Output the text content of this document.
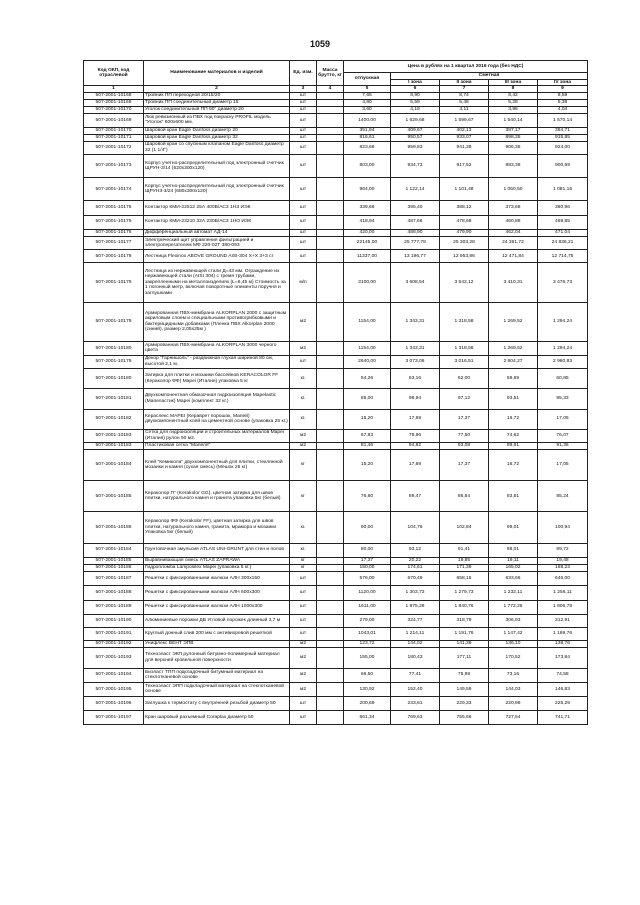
1059
Код ОКП, код отраслевой	Наименование материалов и изделий	Ед. изм.	Масса брутто, кг	Цена в рублях на 1 квартал 2016 года (без НДС)				
				отпускная	Сметная			
					I зона	II зона	III зона	IV зона
1	2	3	4	5	6	7	8	9
507-2001-10168	Тройник ПП переходной 20/15/20	шт		7,65	8,90	8,74	8,42	8,59
507-2001-10169	Тройник ПП соединительный диаметр 15	шт		4,80	5,59	5,48	5,28	5,38
507-2001-10170	Уголок соединительный ПП 90° диаметр 20	шт		3,60	4,19	4,11	3,96	4,04
507-2001-10169	Люк ревизионный из ПВХ под покраску PROFIL модель "Уголок" 600х600 мм.	шт		1400,00	1 629,68	1 599,67	1 540,14	1 570,14
507-2001-10170	Шаровой кран Eagle Danfoss диаметр 20	шт		351,94	409,67	402,13	387,17	394,71
507-2001-10171	Шаровой кран Eagle Danfoss диаметр 32	шт		816,61	950,57	933,07	898,35	915,85
507-2001-10172	Шаровой кран со спускным клапаном Eagle Danfoss диаметр 32 (1 1/4")	шт		823,68	959,83	941,38	906,35	924,00
507-2001-10173	Корпус учетно-распределительный под электронный счетчик ЩРУН-3/14 (520х300х120)	шт		803,00	934,73	917,52	883,38	900,59
507-2001-10174	Корпус учетно-распределительный под электронный счетчик ЩРУН3-3/24 (680х300х120)	шт		964,00	1 122,14	1 101,48	1 060,50	1 081,15
507-2001-10175	Контактор КМИ-22512 25А 400В/АС3 1НЗ ИЭК	шт		339,66	395,40	388,12	373,68	380,96
507-2001-10175	Контактор КМИ-23210 32А 230В/АС3 1НО ИЭК	шт		418,94	487,66	478,68	460,88	469,85
507-2001-10176	Дифференциальный автомат АД-14	шт		420,00	488,90	479,90	462,04	471,04
507-2001-10177	Электрический щит управления фильтрацией и электроперегателем МФ 220-02Т 380-093	шт		22145,00	25 777,78	25 303,28	24 361,72	24 836,21
507-2001-10178	Лестница Flexinox ABOVE GROUND AISI-304 Х+Х 3+3 ст	шт		11337,00	13 196,77	12 953,86	12 471,84	12 714,75
507-2001-10179	Лестница из нержавеющей стали Д=43 мм. Ограждение из нержавеющей стали (AISI 304) с тремя трубами, закрепленными на металлоизделиях (L=6,45 м) Стоимость за 1 погонный метр, включая поворотные элементы поручня и заглушками	м/п		3100,00	3 608,54	3 542,12	3 410,31	3 476,73
507-2001-10179	Армированная ПВХ-мембрана ALKORPLAN 2000 с защитным акриловым слоем и специальными противогрибковыми и бактерицидными добавками (Пленка ПВХ Alkorplan 2000 (синий), размер 2,05х25м )	м2		1154,00	1 343,31	1 318,58	1 269,52	1 294,24
507-2001-10180	Армированная ПВХ-мембрана ALKORPLAN 3000 черного цвета	м2		1154,00	1 343,31	1 318,58	1 269,52	1 294,24
507-2001-10179	Декор "Гарнишоль" - раздвижная глухая шириной 80 см, высотой 2,1 м.	шт		2640,00	3 073,06	3 016,51	2 904,27	2 960,83
507-2001-10180	Затирка для плитки и мозаики бассейнов KERACOLOR FF (Кераколор ФФ) Mapei (Италия) упаковка 5 кг	кг.		54,26	63,16	62,00	59,69	60,85
507-2001-10181	Двухкомпонентная обмазочная гидроизоляция Mapelastic (Мапеластик) Mapei (комплект 32 кг.)	кг.		85,00	98,94	97,12	93,51	95,33
507-2001-10182	Кераслекс МАРЕI (Кераврет порошок, Мапей) двухкомпонентный клей на цементной основе (упаковка 25 кг.)	кг.		15,20	17,69	17,37	16,72	17,05
507-2001-10183	Сетка для гидроизоляции и строительных материалов Mapei (Италия) рулон 50 м2.	м2		67,83	78,96	77,50	74,62	76,07
507-2001-10183	Пластиковая сетка "Мапеля"	м2		81,46	94,82	93,08	89,61	91,36
507-2001-10184	Клей "Кемикола" двухкомпонентный для плитки, стеклянной мозаики и камня (сухая смесь) (Мешок 25 кг)	кг		15,20	17,69	17,37	16,72	17,05
507-2001-10185	Кераколор ГГ (Kerakolor GG), цветная затирка для швов плитки, натурального камня и гранита упаковка 5кг (белый)	кг		76,60	89,47	86,64	83,81	85,24
507-2001-10186	Кераколор ФФ (Kerakolor FF), цветная затирка для швов плитки, натурального камня, гранита, мрамора и мозаики Упаковка 5кг (белый)	кг.		90,00	104,76	102,84	99,01	100,94
507-2001-10184	Грунтовочная эмульсия ATLAS UNI-GRUNT для стен и полов	кг.		80,00	93,12	91,41	88,01	89,72
507-2001-10185	Выравнивающая смесь ATLAS ZAPRAWA	кг		17,37	20,22	19,85	19,11	19,48
507-2001-10186	Гидропломба Lamposilex Mapei (упаковка 5 кг.)	кг		150,00	174,61	171,39	165,02	168,23
507-2001-10187	Решетки с фиксированными жалюзи АЛН 300х150	шт		576,00	670,49	658,15	633,66	646,00
507-2001-10188	Решетки с фиксированными жалюзи АЛН 600х300	шт		1120,00	1 303,73	1 279,73	1 232,11	1 256,11
507-2001-10189	Решетки с фиксированными жалюзи АЛН 1000х300	шт		1611,00	1 875,28	1 840,76	1 772,26	1 806,78
507-2001-10190	Алюминиевые порожки ДВ Угловой порожек длинный 3,7 м	шт		279,00	324,77	318,79	306,93	312,91
507-2001-10191	Круглый донный слив 200 мм с антивихревой решеткой	шт		1043,01	1 214,11	1 191,76	1 147,42	1 169,76
507-2001-10192	Унифлекс ВЕНТ ЭПВ	м2		123,72	144,02	141,36	136,10	138,76
507-2001-10193	Техноэласт ЭКП рулонный битумно-полимерный материал для верхней кровельной поверхности	м2		155,00	180,43	177,11	170,52	173,84
507-2001-10194	Биэласт ТПП подкладочный битумный материал на стеклотканевой основе	м2		66,50	77,41	75,98	73,16	74,58
507-2001-10195	Техноэласт ЭПП подкладочный материал на стеклотканевой основе	м2		130,92	152,40	149,59	144,03	146,83
507-2001-10196	Заглушка к термостату с внутренней резьбой диаметр 50	шт		200,69	233,61	229,33	220,99	225,29
507-2001-10197	Кран шаровый разъемный Coraplax диаметр 50	шт		661,34	769,63	755,66	727,54	741,71
